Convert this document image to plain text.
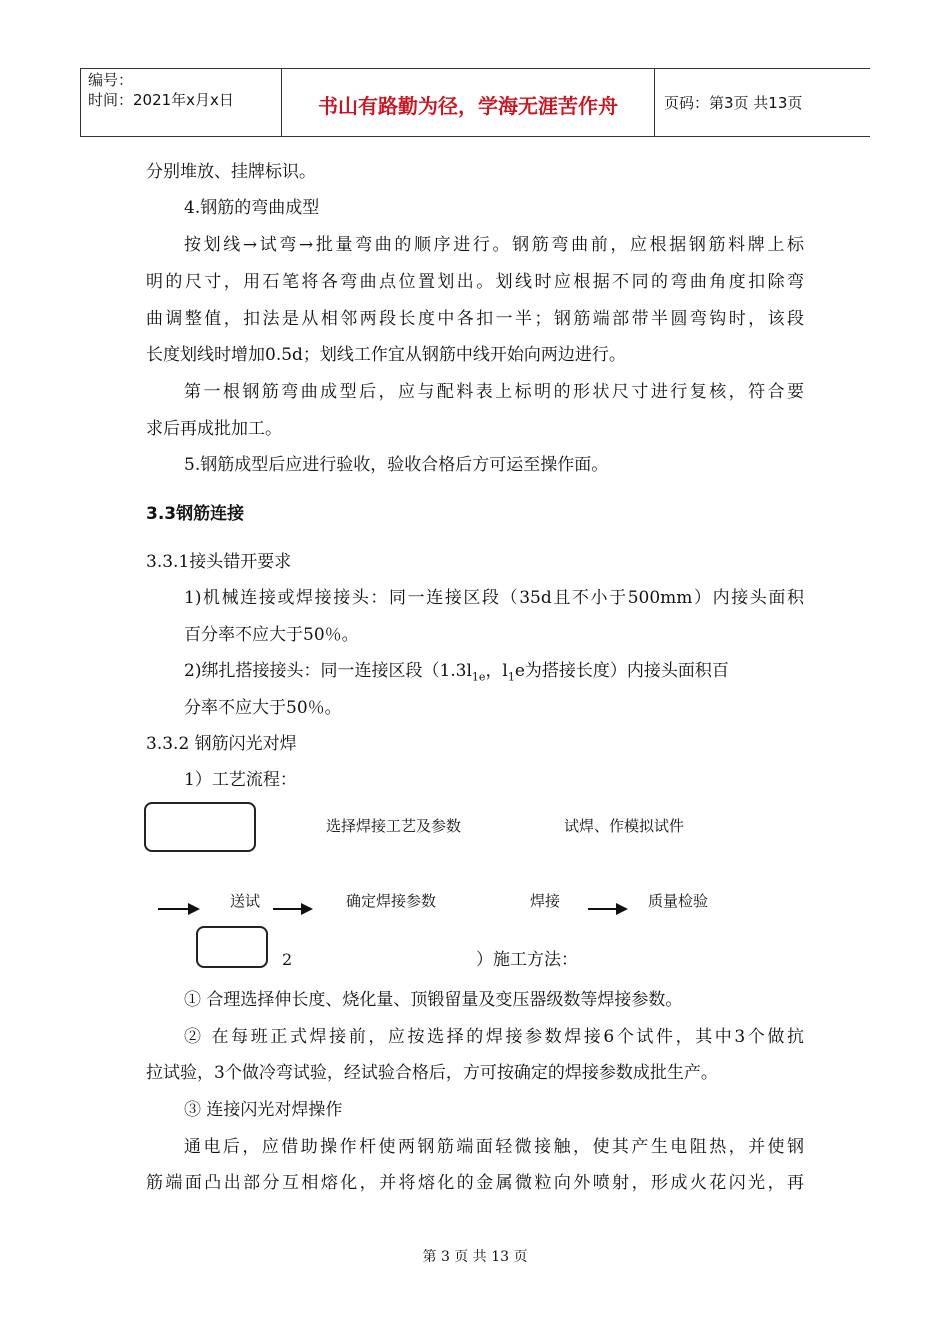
编号：
时间：2021年x月x日	书山有路勤为径，学海无涯苦作舟	页码：第3页 共13页
分别堆放、挂牌标识。
4.钢筋的弯曲成型
按划线→试弯→批量弯曲的顺序进行。钢筋弯曲前，应根据钢筋料牌上标
明的尺寸，用石笔将各弯曲点位置划出。划线时应根据不同的弯曲角度扣除弯
曲调整值，扣法是从相邻两段长度中各扣一半；钢筋端部带半圆弯钩时，该段
长度划线时增加0.5d；划线工作宜从钢筋中线开始向两边进行。
第一根钢筋弯曲成型后，应与配料表上标明的形状尺寸进行复核，符合要
求后再成批加工。
5.钢筋成型后应进行验收，验收合格后方可运至操作面。
3.3钢筋连接
3.3.1接头错开要求
1)机械连接或焊接接头：同一连接区段（35d且不小于500mm）内接头面积
百分率不应大于50％。
2)绑扎搭接接头：同一连接区段（$1.3l_{1e}$，$l_1e$为搭接长度）内接头面积百
分率不应大于50％。
3.3.2 钢筋闪光对焊
1）工艺流程：
选择焊接工艺及参数	试焊、作模拟试件
送试	确定焊接参数	焊接	质量检验
2	）施工方法：
① 合理选择伸长度、烧化量、顶锻留量及变压器级数等焊接参数。
② 在每班正式焊接前，应按选择的焊接参数焊接6个试件，其中3个做抗
拉试验，3个做冷弯试验，经试验合格后，方可按确定的焊接参数成批生产。
③ 连接闪光对焊操作
通电后，应借助操作杆使两钢筋端面轻微接触，使其产生电阻热，并使钢
筋端面凸出部分互相熔化，并将熔化的金属微粒向外喷射，形成火花闪光，再
第 3 页 共 13 页
